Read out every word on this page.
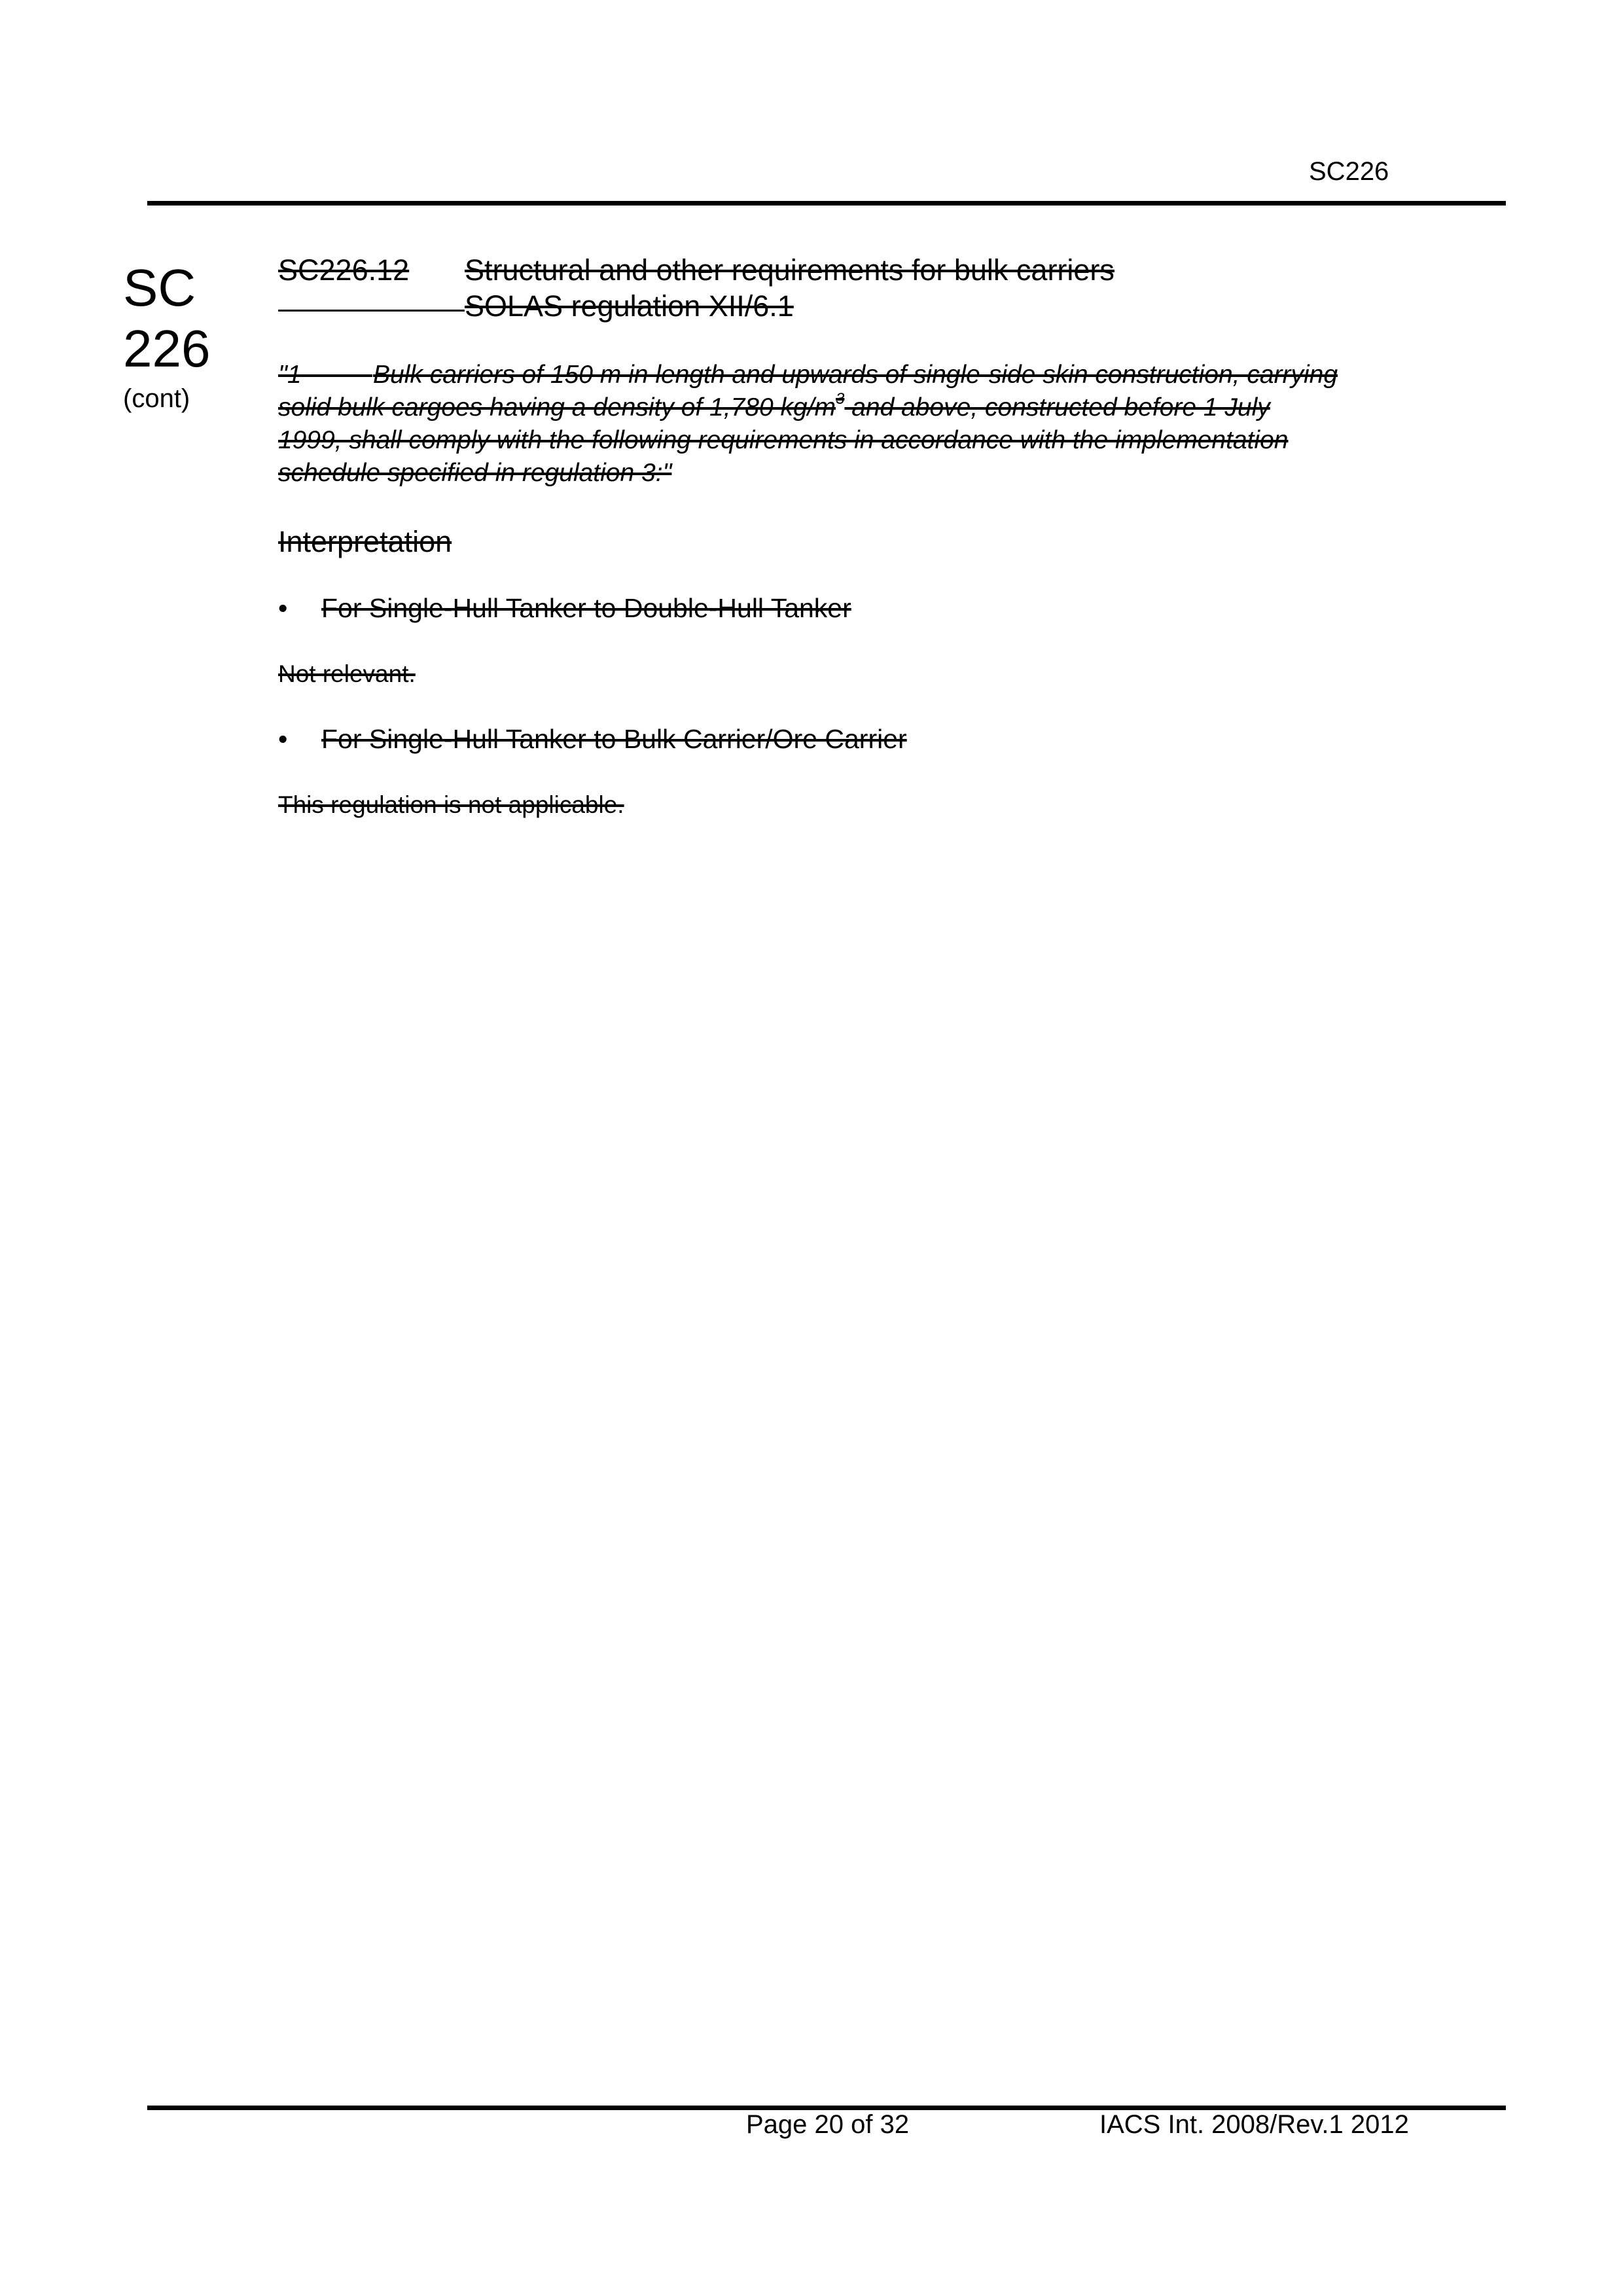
SC226
SC
226
(cont)
SC226.12 Structural and other requirements for bulk carriers
SOLAS regulation XII/6.1
"1	Bulk carriers of 150 m in length and upwards of single-side skin construction, carrying
solid bulk cargoes having a density of 1,780 $kg/m^3$ and above, constructed before 1 July
1999, shall comply with the following requirements in accordance with the implementation
schedule specified in regulation 3:"
Interpretation
• For Single-Hull Tanker to Double-Hull Tanker
Not relevant.
• For Single-Hull Tanker to Bulk Carrier/Ore Carrier
This regulation is not applicable.
Page 20 of 32	IACS Int. 2008/Rev.1 2012
